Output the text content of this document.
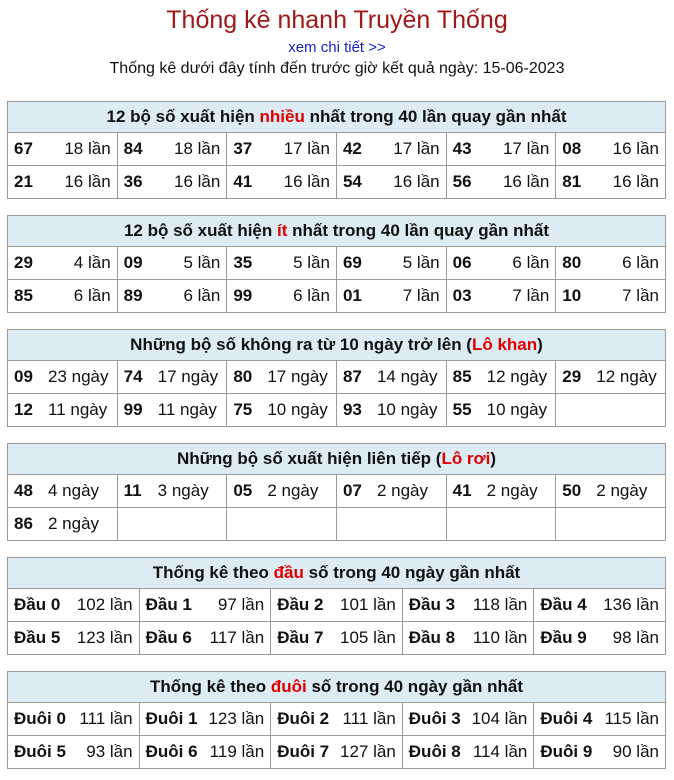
Thống kê nhanh Truyền Thống
xem chi tiết >>
Thống kê dưới đây tính đến trước giờ kết quả ngày: 15-06-2023
12 bộ số xuất hiện nhiều nhất trong 40 lần quay gần nhất					
67 18 lần	84 18 lần	37 17 lần	42 17 lần	43 17 lần	08 16 lần

21 16 lần	36 16 lần	41 16 lần	54 16 lần	56 16 lần	81 16 lần
12 bộ số xuất hiện ít nhất trong 40 lần quay gần nhất					
29 4 lần	09 5 lần	35 5 lần	69 5 lần	06 6 lần	80 6 lần

85 6 lần	89 6 lần	99 6 lần	01 7 lần	03 7 lần	10 7 lần
Những bộ số không ra từ 10 ngày trở lên (Lô khan)					
09 23 ngày	74 17 ngày	80 17 ngày	87 14 ngày	85 12 ngày	29 12 ngày
12 11 ngày	99 11 ngày	75 10 ngày	93 10 ngày	55 10 ngày	
Những bộ số xuất hiện liên tiếp (Lô rơi)					
48 4 ngày	11 3 ngày	05 2 ngày	07 2 ngày	41 2 ngày	50 2 ngày
86 2 ngày					
Thống kê theo đầu số trong 40 ngày gần nhất				
Đầu 0 102 lần	Đầu 1 97 lần	Đầu 2 101 lần	Đầu 3 118 lần	Đầu 4 136 lần

Đầu 5 123 lần	Đầu 6 117 lần	Đầu 7 105 lần	Đầu 8 110 lần	Đầu 9 98 lần
Thống kê theo đuôi số trong 40 ngày gần nhất				
Đuôi 0 111 lần	Đuôi 1 123 lần	Đuôi 2 111 lần	Đuôi 3 104 lần	Đuôi 4 115 lần

Đuôi 5 93 lần	Đuôi 6 119 lần	Đuôi 7 127 lần	Đuôi 8 114 lần	Đuôi 9 90 lần
